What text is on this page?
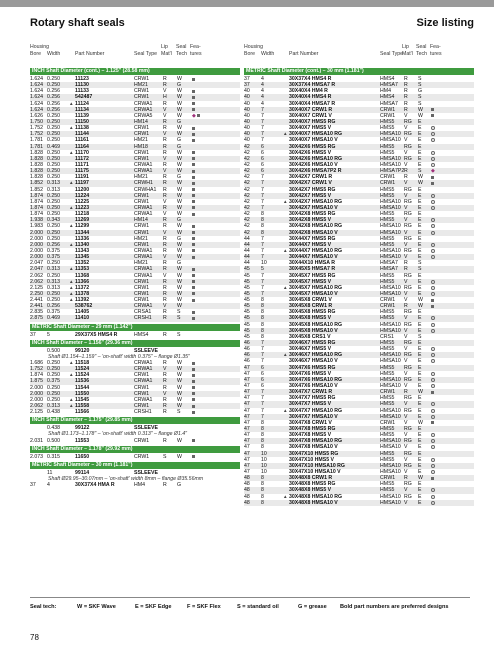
Rotary shaft seals	Size listing
Housing
Bore Width	Part Number	Seal Type
Lip
Mat'l
Seal
Tech
Fea-
tures
INCH Shaft Diameter (cont.) – 1.125" (28.58 mm)
1.624 0.250	11123	CRW1	R W
1.624 0.250	11130	HM21	R G
1.624 0.256	11133	CRW1	V W
1.624 0.256	542487	CRW1	H W
1.624 0.256	11124	CRWA1 R W
▲
1.624 0.256	11134	CRWA1 V W
1.626 0.250	11139	CRWA5 V W ◆
1.750 0.250	11150	HM14	R G
1.752 0.250	11138	CRW1	R W
▲
1.752 0.250	11144	CRW1	V W
1.781 0.250	11161	HM21	R G
1.781 0.469	11164	HM18	R G
1.828 0.250	11170	CRW1	R W
▲
1.828 0.250	11172	CRW1	V W
1.828 0.250	11171	CRWA1 R W
1.828 0.250	11175	CRWA1 V W
1.828 0.250	11191	HM21	R G
1.852 0.313	11197	CRWH1 R W
▲
1.852 0.313	11200	CRWHA1 R W
1.874 0.250	11224	CRW1	R W
1.874 0.250	11225	CRW1	V W
1.874 0.250	11223	CRWA1 R W
▲
1.874 0.250	11218	CRWA1 V W
1.938 0.343	11269	HM14	R G
1.983 0.250	11299	CRW1	R W
▲
2.000 0.250	11344	CRW1	V W
2.000 0.250	11336	HM21	R G
2.000 0.256	11340	CRW1	R W
▲
2.000 0.375	11343	CRWA1 R W
2.000 0.375	11345	CRWA1 V W
2.047 0.250	11352	HM21	R G
2.047 0.313	11353	CRWA1 R W
▲
2.062 0.250	11368	CRWA1 V W
2.062 0.313	11366	CRW1	R W
▲
2.125 0.313	11372	CRW1	R W
▲
2.250 0.250	11378	CRW1	R W
▲
2.441 0.250	11392	CRW1	R W
▲
2.441 0.256	538762	CRWA1 V W
2.835 0.375	11405	CRSA1 R S
2.875 0.469	11410	CRSH1 R S
METRIC Shaft Diameter – 29 mm (1.142")
37 5	29X37X5 HMS4 R	HMS4	R S
INCH Shaft Diameter – 1.156" (29.36 mm)
0.500	99120	SSLEEVE
Shaft Ø1.154–1.159" – 'on-shaft' width 0.375" – flange Ø1.35"
1.686 0.250	11518	CRWA1 R W
▲
1.752 0.250	11524	CRWA1 V W
1.874 0.250	11524	CRW1	R W
▲
1.875 0.375	11536	CRWA1 R W
2.000 0.250	11544	CRW1	R W
2.000 0.250	11550	CRW1	V W
2.000 0.250	11545	CRWA1 R W
▲
2.062 0.313	11558	CRW1	R W
▲
2.125 0.438	11566	CRSH1 R S
INCH Shaft Diameter – 1.175" (29.85 mm)
0.438	99122	SSLEEVE
Shaft Ø1.173–1.178" – 'on-shaft' width 0.313" – flange Ø1.4"
2.031 0.500	11553	CRW1	R W
INCH Shaft Diameter – 1.178" (29.92 mm)
2.073 0.315	11650	CRW1	S W
METRIC Shaft Diameter – 30 mm (1.181")
11	99114	SSLEEVE
Shaft Ø29.95–30.07mm – 'on-shaft' width 8mm – flange Ø35.56mm
37 4	30X37X4 HMA R	HM4	R G
Housing
Bore Width	Part Number	Seal Type
Lip
Mat'l
Seal
Tech
Fea-
tures
METRIC Shaft Diameter (cont.) – 30 mm (1.181")
37 4	30X37X4 HMS4 R	HMS4 R S
37 4	30X37X4 HMSA7 R	HMSA7 R S
40 4	30X40X4 HM4 R	HM4	R G
40 4	30X40X4 HMS4 R	HMS4 R S
40 4	30X40X4 HMSA7 R	HMSA7 R S
40 7	30X40X7 CRW1 R	CRW1 R W
40 7	30X40X7 CRW1 V	CRW1 V W
40 7	30X40X7 HMS5 RG	HMS5 RG E
40 7	30X40X7 HMS5 V	HMS5 V E
40 7	30X40X7 HMSA10 RG	HMSA10 RG E
▲
40 7	30X40X7 HMSA10 V	HMSA10 V E
42 6	30X42X6 HMS5 RG	HMS5 RG E
42 6	30X42X6 HMS5 V	HMS5 V E
42 6	30X42X6 HMSA10 RG	HMSA10 RG E
42 6	30X42X6 HMSA10 V	HMSA10 V E
42 6	30X42X6 HMSA7P2 R	HMSA7P2 R S ◆
42 7	30X42X7 CRW1 R	CRW1 R W
42 7	30X42X7 CRW1 V	CRW1 V W
42 7	30X42X7 HMS5 RG	HMS5 RG E
42 7	30X42X7 HMS5 V	HMS5 V E
42 7	30X42X7 HMSA10 RG	HMSA10 RG E
▲
42 7	30X42X7 HMSA10 V	HMSA10 V E
42 8	30X42X8 HMS5 RG	HMS5 RG E
42 8	30X42X8 HMS5 V	HMS5 V E
42 8	30X42X8 HMSA10 RG	HMSA10 RG E
42 8	30X42X8 HMSA10 V	HMSA10 V E
44 7	30X44X7 HMS5 RG	HMS5 RG E
44 7	30X44X7 HMS5 V	HMS5 V E
44 7	30X44X7 HMSA10 RG	HMSA10 RG E
▲
44 7	30X44X7 HMSA10 V	HMSA10 V E
44 10	30X44X10 HMSA R	HMSA7 R S
45 5	30X45X5 HMSA7 R	HMSA7 R S
45 7	30X45X7 HMS5 RG	HMS5 RG E
45 7	30X45X7 HMS5 V	HMS5 V E
45 7	30X45X7 HMSA10 RG	HMSA10 RG E
▲
45 7	30X45X7 HMSA10 V	HMSA10 V E
45 8	30X45X8 CRW1 V	CRW1 V W
45 8	30X45X8 CRW1 R	CRW1 R W
45 8	30X45X8 HMS5 RG	HMS5 RG E
45 8	30X45X8 HMS5 V	HMS5 V E
45 8	30X45X8 HMSA10 RG	HMSA10 RG E
45 8	30X45X8 HMSA10 V	HMSA10 V E
45 8	30X45X8 CRS1 V	CRS1 V S
46 7	30X46X7 HMS5 RG	HMS5 RG E
46 7	30X46X7 HMS5 V	HMS5 V E
46 7	30X46X7 HMSA10 RG	HMSA10 RG E
▲
46 7	30X46X7 HMSA10 V	HMSA10 V E
47 6	30X47X6 HMS5 RG	HMS5 RG E
47 6	30X47X6 HMS5 V	HMS5 V E
47 6	30X47X6 HMSA10 RG	HMSA10 RG E
47 6	30X47X6 HMSA10 V	HMSA10 V E
47 7	30X47X7 CRW1 R	CRW1 R W
47 7	30X47X7 HMS5 RG	HMS5 RG E
47 7	30X47X7 HMS5 V	HMS5 V E
47 7	30X47X7 HMSA10 RG	HMSA10 RG E
▲
47 7	30X47X7 HMSA10 V	HMSA10 V E
47 8	30X47X8 CRW1 V	CRW1 V W
47 8	30X47X8 HMS5 RG	HMS5 RG E
47 8	30X47X8 HMS5 V	HMS5 V E
47 8	30X47X8 HMSA10 RG	HMSA10 RG E
47 8	30X47X8 HMSA10 V	HMSA10 V E
47 10	30X47X10 HMS5 RG	HMS5 RG E
47 10	30X47X10 HMS5 V	HMS5 V E
47 10	30X47X10 HMSA10 RG	HMSA10 RG E
47 10	30X47X10 HMSA10 V	HMSA10 V E
48 8	30X48X8 CRW1 R	CRW1 R W
48 8	30X48X8 HMS5 RG	HMS5 RG E
48 8	30X48X8 HMS5 V	HMS5 V E
48 8	30X48X8 HMSA10 RG	HMSA10 RG E
▲
48 8	30X48X8 HMSA10 V	HMSA10 V E
Seal tech:	W = SKF Wave	E = SKF Edge	F = SKF Flex	S = standard oil	G = grease Bold part numbers are preferred designs
78
